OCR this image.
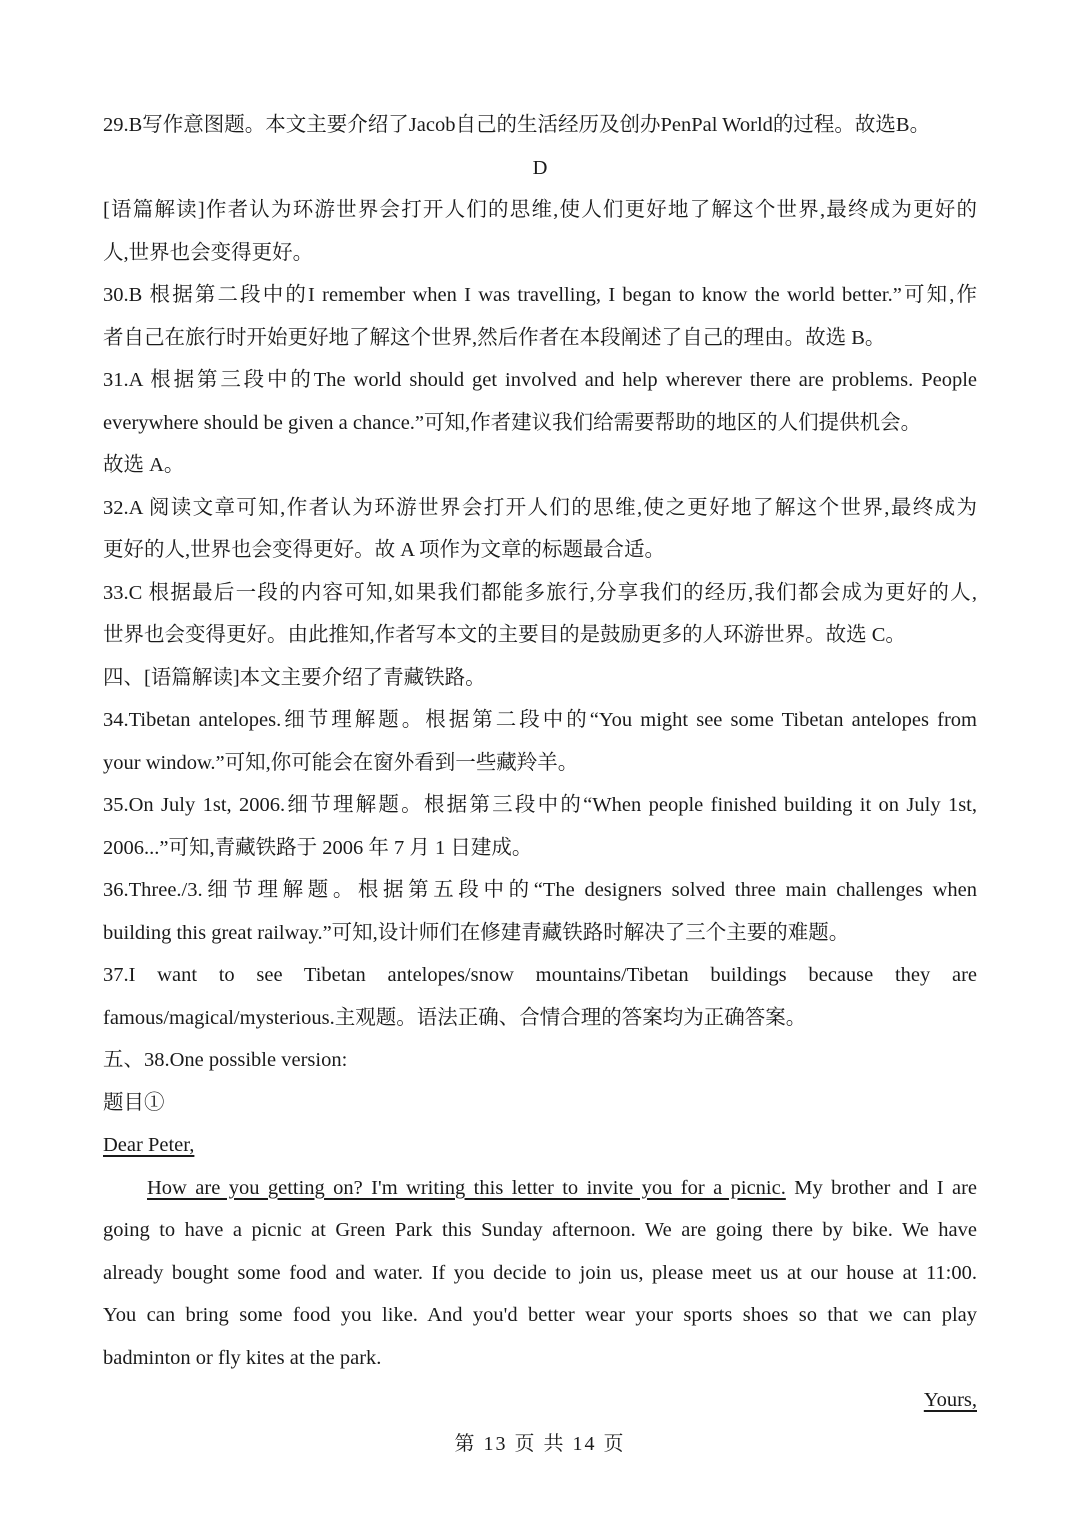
29.B写作意图题。本文主要介绍了Jacob自己的生活经历及创办PenPal World的过程。故选B。
D
[语篇解读]作者认为环游世界会打开人们的思维,使人们更好地了解这个世界,最终成为更好的
人,世界也会变得更好。
30.B 根据第二段中的I remember when I was travelling, I began to know the world better.”可知,作
者自己在旅行时开始更好地了解这个世界,然后作者在本段阐述了自己的理由。故选 B。
31.A 根据第三段中的The world should get involved and help wherever there are problems. People
everywhere should be given a chance.”可知,作者建议我们给需要帮助的地区的人们提供机会。
故选 A。
32.A 阅读文章可知,作者认为环游世界会打开人们的思维,使之更好地了解这个世界,最终成为
更好的人,世界也会变得更好。故 A 项作为文章的标题最合适。
33.C 根据最后一段的内容可知,如果我们都能多旅行,分享我们的经历,我们都会成为更好的人,
世界也会变得更好。由此推知,作者写本文的主要目的是鼓励更多的人环游世界。故选 C。
四、[语篇解读]本文主要介绍了青藏铁路。
34.Tibetan antelopes.细节理解题。根据第二段中的“You might see some Tibetan antelopes from
your window.”可知,你可能会在窗外看到一些藏羚羊。
35.On July 1st, 2006.细节理解题。根据第三段中的“When people finished building it on July 1st,
2006...”可知,青藏铁路于 2006 年 7 月 1 日建成。
36.Three./3.细节理解题。根据第五段中的“The designers solved three main challenges when
building this great railway.”可知,设计师们在修建青藏铁路时解决了三个主要的难题。
37.I want to see Tibetan antelopes/snow mountains/Tibetan buildings because they are
famous/magical/mysterious.主观题。语法正确、合情合理的答案均为正确答案。
五、38.One possible version:
题目①
Dear Peter,
How are you getting on? I'm writing this letter to invite you for a picnic. My brother and I are
going to have a picnic at Green Park this Sunday afternoon. We are going there by bike. We have
already bought some food and water. If you decide to join us, please meet us at our house at 11:00.
You can bring some food you like. And you'd better wear your sports shoes so that we can play
badminton or fly kites at the park.
Yours,
第 13 页 共 14 页
